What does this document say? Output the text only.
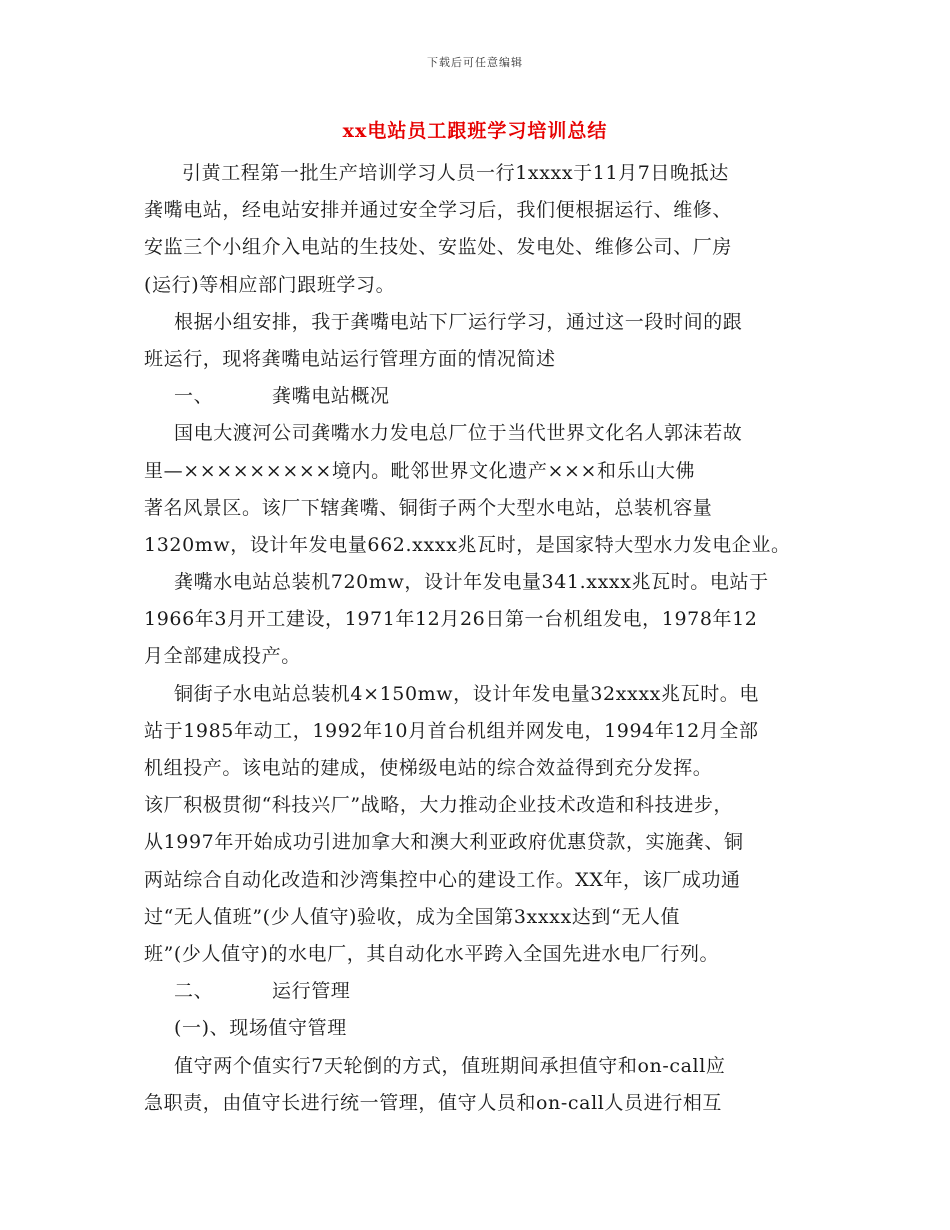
下载后可任意编辑
xx电站员工跟班学习培训总结
引黄工程第一批生产培训学习人员一行1xxxx于11月7日晚抵达
龚嘴电站，经电站安排并通过安全学习后，我们便根据运行、维修、
安监三个小组介入电站的生技处、安监处、发电处、维修公司、厂房
(运行)等相应部门跟班学习。
根据小组安排，我于龚嘴电站下厂运行学习，通过这一段时间的跟
班运行，现将龚嘴电站运行管理方面的情况简述
一、	龚嘴电站概况
国电大渡河公司龚嘴水力发电总厂位于当代世界文化名人郭沫若故
里—×××××××××境内。毗邻世界文化遗产×××和乐山大佛
著名风景区。该厂下辖龚嘴、铜街子两个大型水电站，总装机容量
1320mw，设计年发电量662.xxxx兆瓦时，是国家特大型水力发电企业。
龚嘴水电站总装机720mw，设计年发电量341.xxxx兆瓦时。电站于
1966年3月开工建设，1971年12月26日第一台机组发电，1978年12
月全部建成投产。
铜街子水电站总装机4×150mw，设计年发电量32xxxx兆瓦时。电
站于1985年动工，1992年10月首台机组并网发电，1994年12月全部
机组投产。该电站的建成，使梯级电站的综合效益得到充分发挥。
该厂积极贯彻“科技兴厂”战略，大力推动企业技术改造和科技进步，
从1997年开始成功引进加拿大和澳大利亚政府优惠贷款，实施龚、铜
两站综合自动化改造和沙湾集控中心的建设工作。XX年，该厂成功通
过“无人值班”(少人值守)验收，成为全国第3xxxx达到“无人值
班”(少人值守)的水电厂，其自动化水平跨入全国先进水电厂行列。
二、	运行管理
(一)、现场值守管理
值守两个值实行7天轮倒的方式，值班期间承担值守和on-call应
急职责，由值守长进行统一管理，值守人员和on-call人员进行相互
